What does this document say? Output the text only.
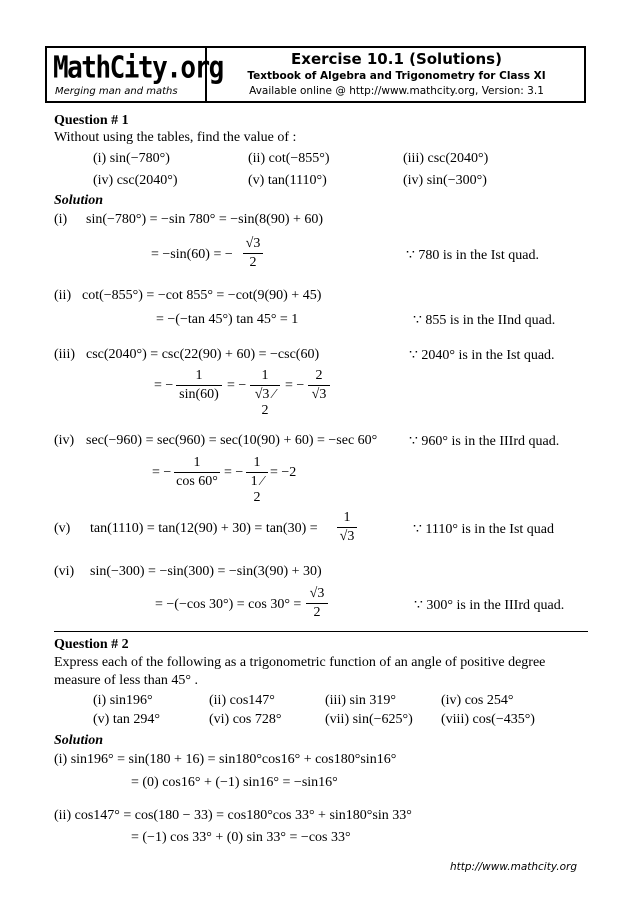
MathCity.org
Merging man and maths
Exercise 10.1 (Solutions)
Textbook of Algebra and Trigonometry for Class XI
Available online @ http://www.mathcity.org, Version: 3.1
Question # 1
Without using the tables, find the value of :
(i) sin(−780°)	(ii) cot(−855°)	(iii) csc(2040°)
(iv) csc(2040°)	(v) tan(1110°)	(iv) sin(−300°)
Solution
(i) sin(−780°) = −sin 780° = −sin(8(90) + 60)
= −sin(60) = −
√3
2	∵ 780 is in the Ist quad.
(ii) cot(−855°) = −cot 855° = −cot(9(90) + 45)
= −(−tan 45°) tan 45° = 1	∵ 855 is in the IInd quad.
(iii) csc(2040°) = csc(22(90) + 60) = −csc(60)	∵ 2040° is in the Ist quad.
= −
1
sin(60)
= −
1
√3 ⁄ 2
= −
2
√3
(iv) sec(−960) = sec(960) = sec(10(90) + 60) = −sec 60° ∵ 960° is in the IIIrd quad.
= −
1
cos 60°
= −
1
1 ⁄ 2
= −2
(v) tan(1110) = tan(12(90) + 30) = tan(30) =
1
√3	∵ 1110° is in the Ist quad
(vi) sin(−300) = −sin(300) = −sin(3(90) + 30)
= −(−cos 30°) = cos 30° =
√3
2	∵ 300° is in the IIIrd quad.
Question # 2
Express each of the following as a trigonometric function of an angle of positive degree
measure of less than 45° .
(i) sin196°	(ii) cos147°	(iii) sin 319°	(iv) cos 254°
(v) tan 294°	(vi) cos 728°	(vii) sin(−625°) (viii) cos(−435°)
Solution
(i) sin196° = sin(180 + 16) = sin180°cos16° + cos180°sin16°
= (0) cos16° + (−1) sin16° = −sin16°
(ii) cos147° = cos(180 − 33) = cos180°cos 33° + sin180°sin 33°
= (−1) cos 33° + (0) sin 33° = −cos 33°
http://www.mathcity.org
